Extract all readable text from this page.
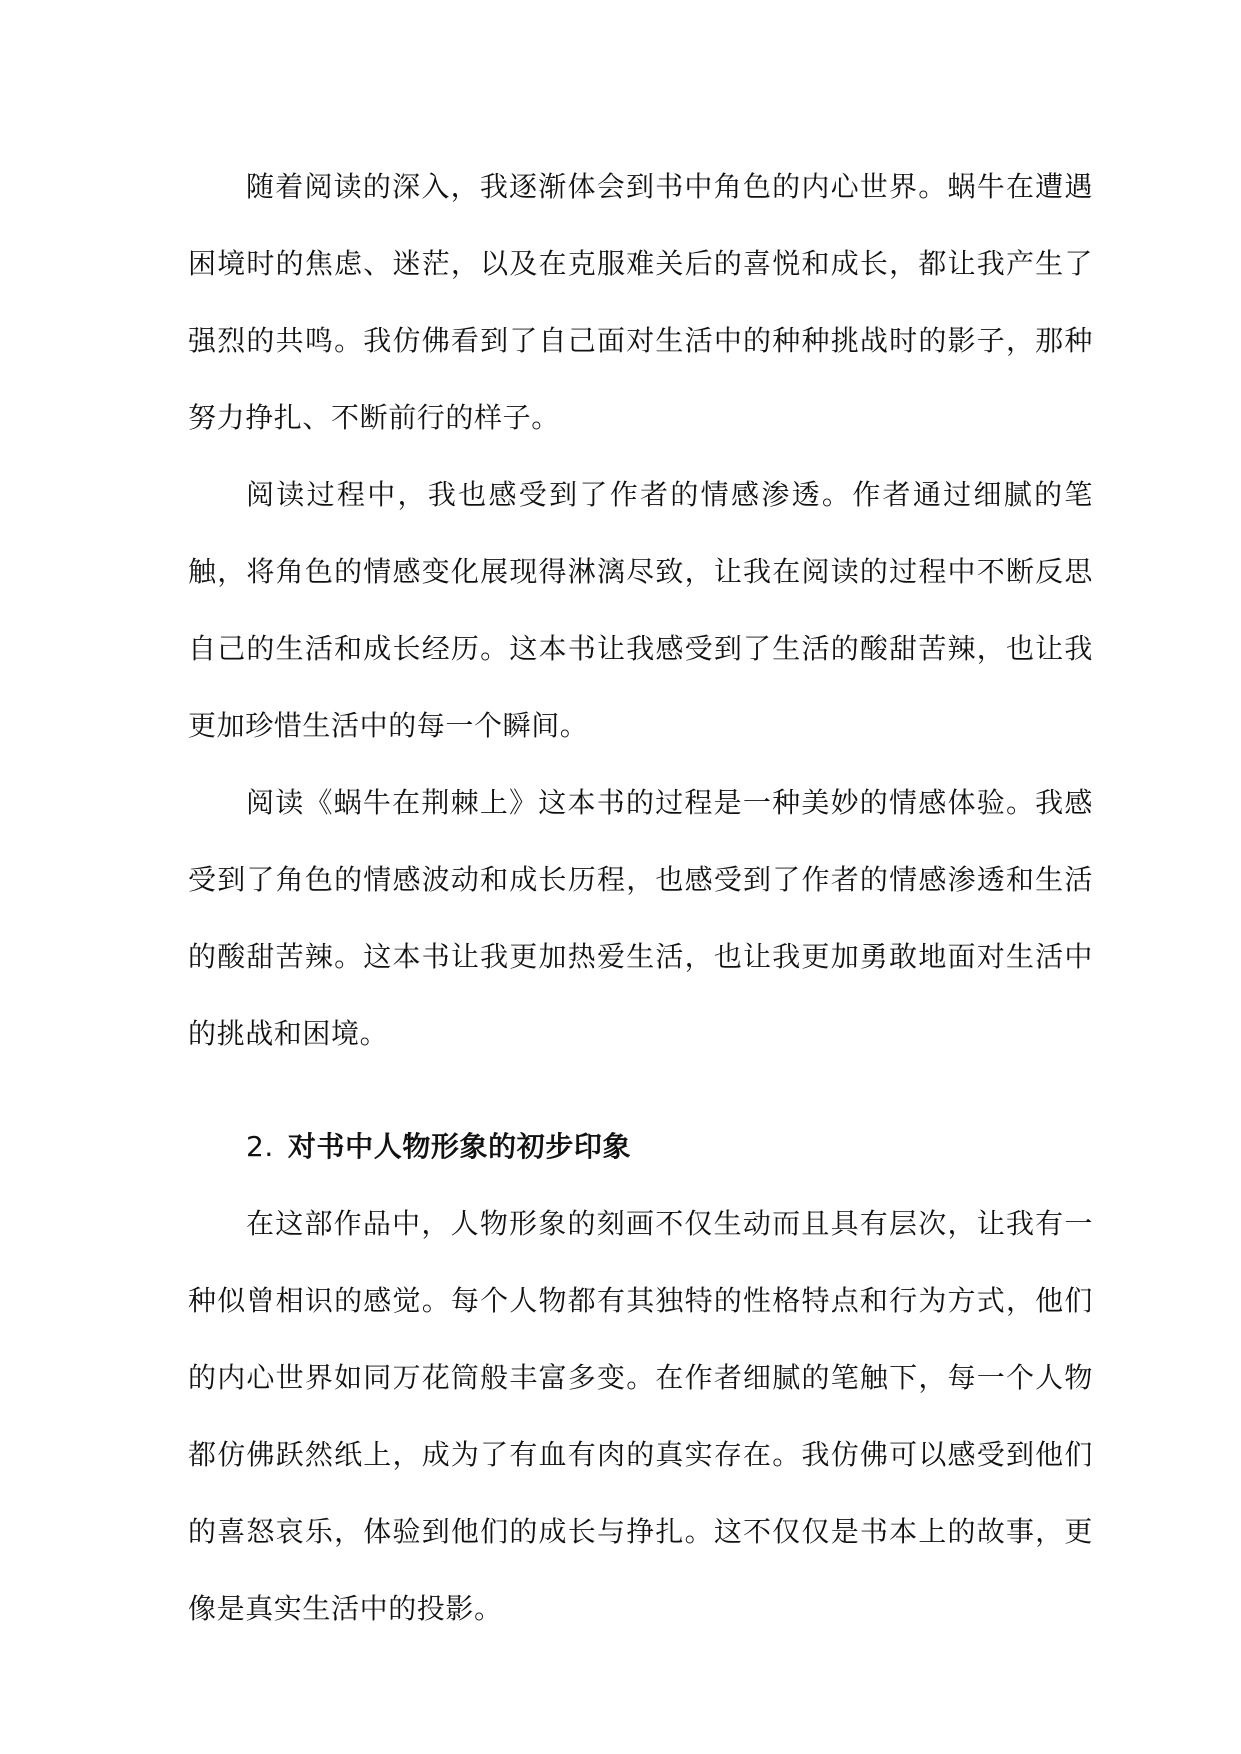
随着阅读的深入，我逐渐体会到书中角色的内心世界。蜗牛在遭遇困境时的焦虑、迷茫，以及在克服难关后的喜悦和成长，都让我产生了强烈的共鸣。我仿佛看到了自己面对生活中的种种挑战时的影子，那种努力挣扎、不断前行的样子。

阅读过程中，我也感受到了作者的情感渗透。作者通过细腻的笔触，将角色的情感变化展现得淋漓尽致，让我在阅读的过程中不断反思自己的生活和成长经历。这本书让我感受到了生活的酸甜苦辣，也让我更加珍惜生活中的每一个瞬间。

阅读《蜗牛在荆棘上》这本书的过程是一种美妙的情感体验。我感受到了角色的情感波动和成长历程，也感受到了作者的情感渗透和生活的酸甜苦辣。这本书让我更加热爱生活，也让我更加勇敢地面对生活中的挑战和困境。

2. 对书中人物形象的初步印象

在这部作品中，人物形象的刻画不仅生动而且具有层次，让我有一种似曾相识的感觉。每个人物都有其独特的性格特点和行为方式，他们的内心世界如同万花筒般丰富多变。在作者细腻的笔触下，每一个人物都仿佛跃然纸上，成为了有血有肉的真实存在。我仿佛可以感受到他们的喜怒哀乐，体验到他们的成长与挣扎。这不仅仅是书本上的故事，更像是真实生活中的投影。
